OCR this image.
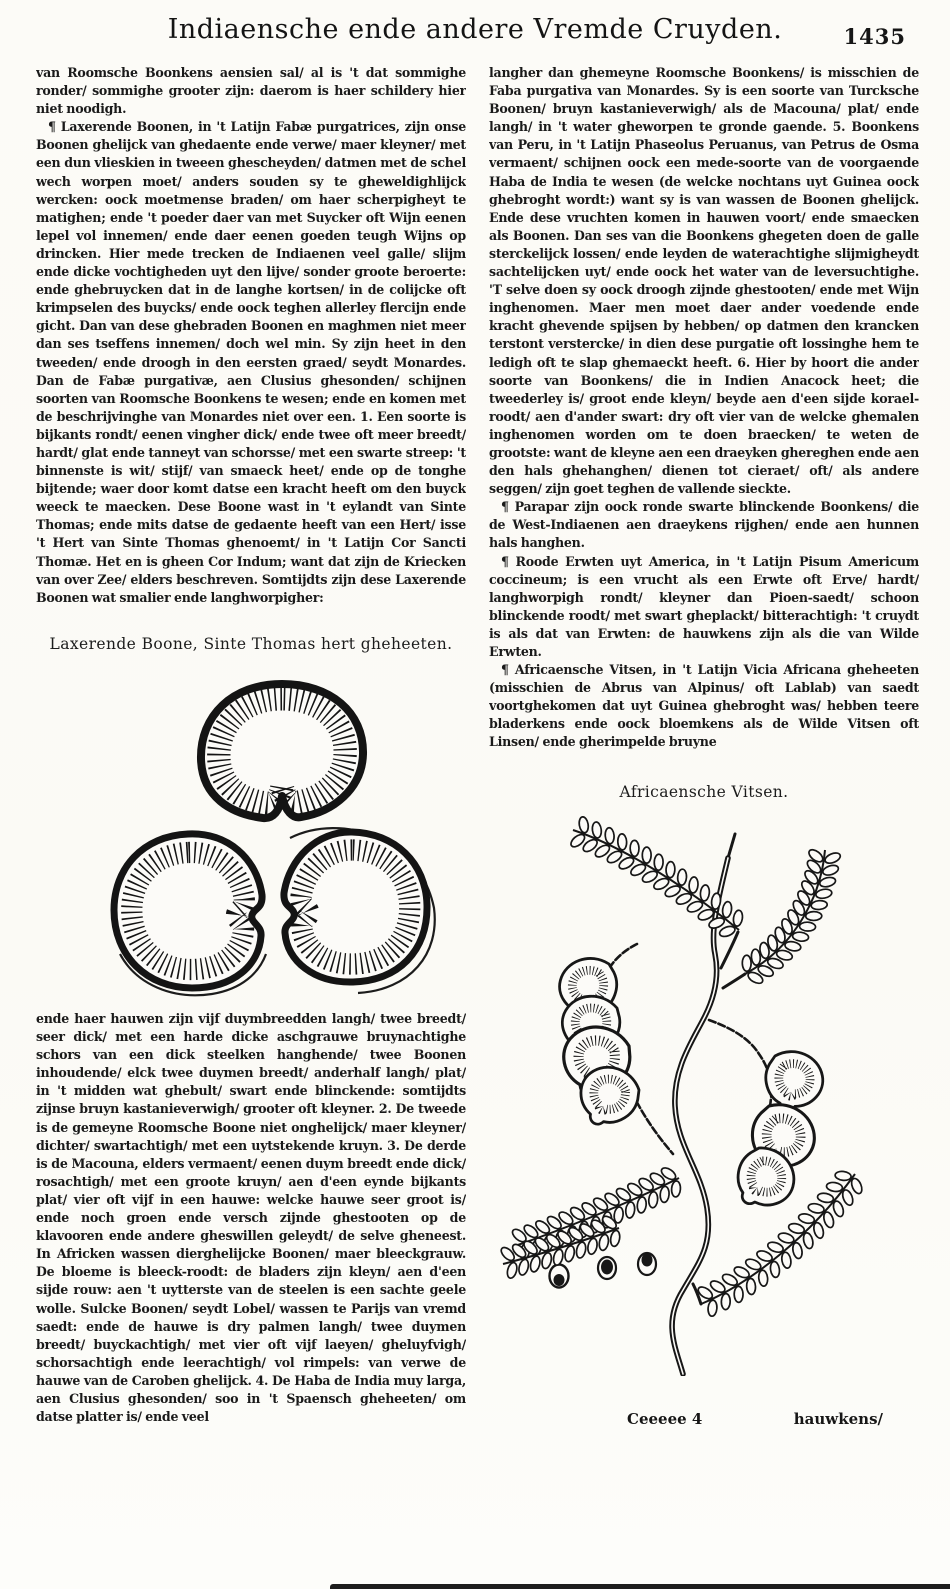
Indiaensche ende andere Vremde Cruyden.	1435

van Roomsche Boonkens aensien sal/ al is 't dat sommighe ronder/ sommighe grooter zijn: daerom is haer schildery hier niet noodigh.

¶ Laxerende Boonen, in 't Latijn Fabæ purgatrices, zijn onse Boonen ghelijck van ghedaente ende verwe/ maer kleyner/ met een dun vlieskien in tweeen ghescheyden/ datmen met de schel wech worpen moet/ anders souden sy te gheweldighlijck wercken: oock moetmense braden/ om haer scherpigheyt te matighen; ende 't poeder daer van met Suycker oft Wijn eenen lepel vol innemen/ ende daer eenen goeden teugh Wijns op drincken. Hier mede trecken de Indiaenen veel galle/ slijm ende dicke vochtigheden uyt den lijve/ sonder groote beroerte: ende ghebruycken dat in de langhe kortsen/ in de colijcke oft krimpselen des buycks/ ende oock teghen allerley flercijn ende gicht. Dan van dese ghebraden Boonen en maghmen niet meer dan ses tseffens innemen/ doch wel min. Sy zijn heet in den tweeden/ ende droogh in den eersten graed/ seydt Monardes. Dan de Fabæ purgativæ, aen Clusius ghesonden/ schijnen soorten van Roomsche Boonkens te wesen; ende en komen met de beschrijvinghe van Monardes niet over een. 1. Een soorte is bijkants rondt/ eenen vingher dick/ ende twee oft meer breedt/ hardt/ glat ende tanneyt van schorsse/ met een swarte streep: 't binnenste is wit/ stijf/ van smaeck heet/ ende op de tonghe bijtende; waer door komt datse een kracht heeft om den buyck weeck te maecken. Dese Boone wast in 't eylandt van Sinte Thomas; ende mits datse de gedaente heeft van een Hert/ isse 't Hert van Sinte Thomas ghenoemt/ in 't Latijn Cor Sancti Thomæ. Het en is gheen Cor Indum; want dat zijn de Kriecken van over Zee/ elders beschreven. Somtijdts zijn dese Laxerende Boonen wat smalier ende langhworpigher:

Laxerende Boone, Sinte Thomas hert gheheeten.

ende haer hauwen zijn vijf duymbreedden langh/ twee breedt/ seer dick/ met een harde dicke aschgrauwe bruynachtighe schors van een dick steelken hanghende/ twee Boonen inhoudende/ elck twee duymen breedt/ anderhalf langh/ plat/ in 't midden wat ghebult/ swart ende blinckende: somtijdts zijnse bruyn kastanieverwigh/ grooter oft kleyner. 2. De tweede is de gemeyne Roomsche Boone niet onghelijck/ maer kleyner/ dichter/ swartachtigh/ met een uytstekende kruyn. 3. De derde is de Macouna, elders vermaent/ eenen duym breedt ende dick/ rosachtigh/ met een groote kruyn/ aen d'een eynde bijkants plat/ vier oft vijf in een hauwe: welcke hauwe seer groot is/ ende noch groen ende versch zijnde ghestooten op de klavooren ende andere gheswillen geleydt/ de selve gheneest. In Africken wassen dierghelijcke Boonen/ maer bleeckgrauw. De bloeme is bleeck-roodt: de bladers zijn kleyn/ aen d'een sijde rouw: aen 't uytterste van de steelen is een sachte geele wolle. Sulcke Boonen/ seydt Lobel/ wassen te Parijs van vremd saedt: ende de hauwe is dry palmen langh/ twee duymen breedt/ buyckachtigh/ met vier oft vijf laeyen/ gheluyfvigh/ schorsachtigh ende leerachtigh/ vol rimpels: van verwe de hauwe van de Caroben ghelijck. 4. De Haba de India muy larga, aen Clusius ghesonden/ soo in 't Spaensch gheheeten/ om datse platter is/ ende veel

langher dan ghemeyne Roomsche Boonkens/ is misschien de Faba purgativa van Monardes. Sy is een soorte van Turcksche Boonen/ bruyn kastanieverwigh/ als de Macouna/ plat/ ende langh/ in 't water gheworpen te gronde gaende. 5. Boonkens van Peru, in 't Latijn Phaseolus Peruanus, van Petrus de Osma vermaent/ schijnen oock een mede-soorte van de voorgaende Haba de India te wesen (de welcke nochtans uyt Guinea oock ghebroght wordt:) want sy is van wassen de Boonen ghelijck. Ende dese vruchten komen in hauwen voort/ ende smaecken als Boonen. Dan ses van die Boonkens ghegeten doen de galle sterckelijck lossen/ ende leyden de waterachtighe slijmigheydt sachtelijcken uyt/ ende oock het water van de leversuchtighe. 'T selve doen sy oock droogh zijnde ghestooten/ ende met Wijn inghenomen. Maer men moet daer ander voedende ende kracht ghevende spijsen by hebben/ op datmen den krancken terstont verstercke/ in dien dese purgatie oft lossinghe hem te ledigh oft te slap ghemaeckt heeft. 6. Hier by hoort die ander soorte van Boonkens/ die in Indien Anacock heet; die tweederley is/ groot ende kleyn/ beyde aen d'een sijde korael-roodt/ aen d'ander swart: dry oft vier van de welcke ghemalen inghenomen worden om te doen braecken/ te weten de grootste: want de kleyne aen een draeyken ghereghen ende aen den hals ghehanghen/ dienen tot cieraet/ oft/ als andere seggen/ zijn goet teghen de vallende sieckte.

¶ Parapar zijn oock ronde swarte blinckende Boonkens/ die de West-Indiaenen aen draeykens rijghen/ ende aen hunnen hals hanghen.

¶ Roode Erwten uyt America, in 't Latijn Pisum Americum coccineum; is een vrucht als een Erwte oft Erve/ hardt/ langhworpigh rondt/ kleyner dan Pioen-saedt/ schoon blinckende roodt/ met swart gheplackt/ bitterachtigh: 't cruydt is als dat van Erwten: de hauwkens zijn als die van Wilde Erwten.

¶ Africaensche Vitsen, in 't Latijn Vicia Africana gheheeten (misschien de Abrus van Alpinus/ oft Lablab) van saedt voortghekomen dat uyt Guinea ghebroght was/ hebben teere bladerkens ende oock bloemkens als de Wilde Vitsen oft Linsen/ ende gherimpelde bruyne

Africaensche Vitsen.
Ceeeee 4	hauwkens/
